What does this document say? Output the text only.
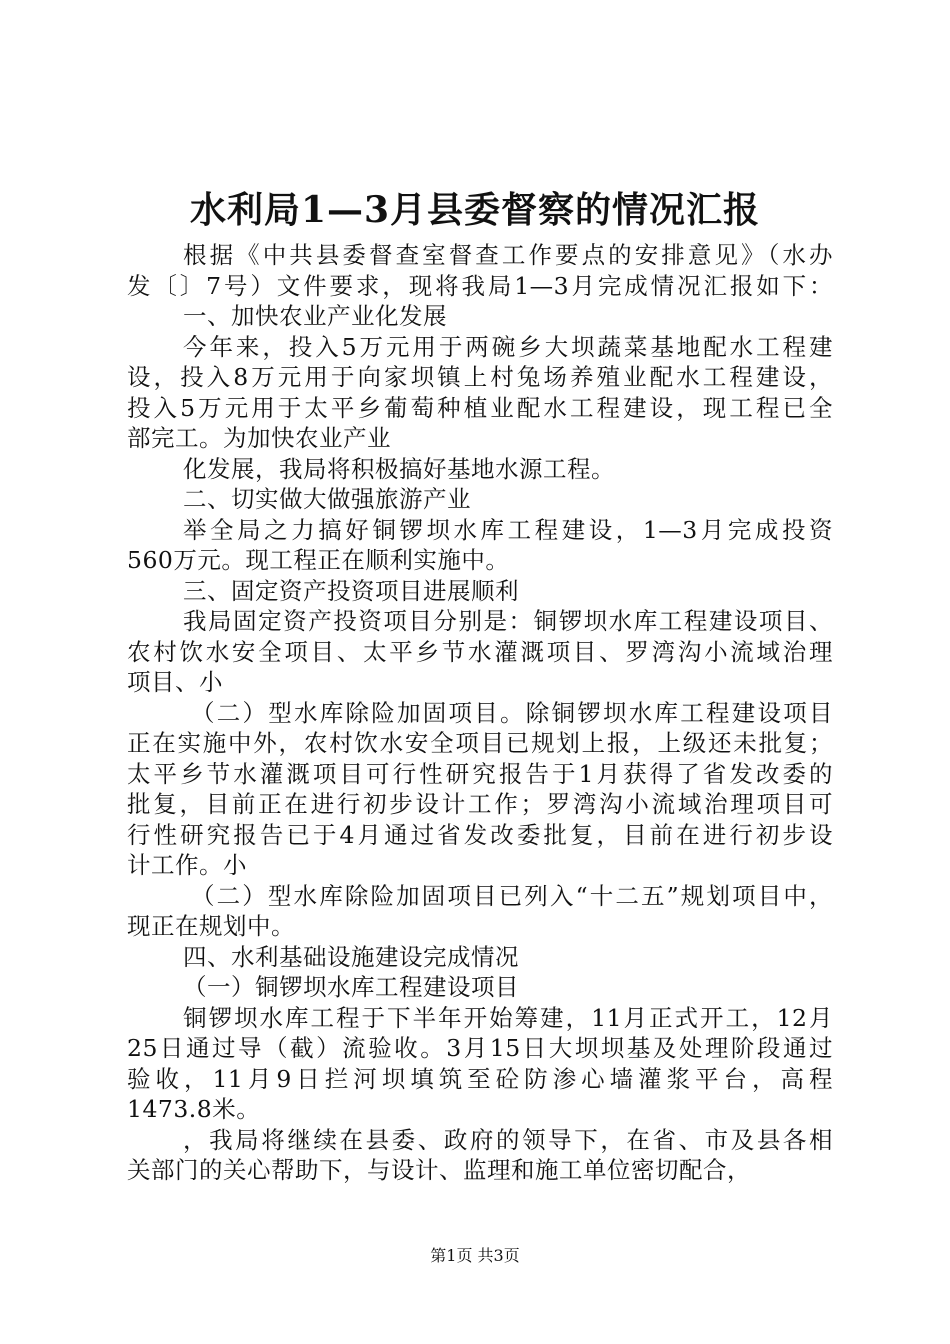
水利局1—3月县委督察的情况汇报
根据《中共县委督查室督查工作要点的安排意见》（水办
发〔〕7号）文件要求，现将我局1—3月完成情况汇报如下：
一、加快农业产业化发展
今年来，投入5万元用于两碗乡大坝蔬菜基地配水工程建
设，投入8万元用于向家坝镇上村兔场养殖业配水工程建设，
投入5万元用于太平乡葡萄种植业配水工程建设，现工程已全
部完工。为加快农业产业
化发展，我局将积极搞好基地水源工程。
二、切实做大做强旅游产业
举全局之力搞好铜锣坝水库工程建设，1—3月完成投资
560万元。现工程正在顺利实施中。
三、固定资产投资项目进展顺利
我局固定资产投资项目分别是：铜锣坝水库工程建设项目、
农村饮水安全项目、太平乡节水灌溉项目、罗湾沟小流域治理
项目、小
（二）型水库除险加固项目。除铜锣坝水库工程建设项目
正在实施中外，农村饮水安全项目已规划上报，上级还未批复；
太平乡节水灌溉项目可行性研究报告于1月获得了省发改委的
批复，目前正在进行初步设计工作；罗湾沟小流域治理项目可
行性研究报告已于4月通过省发改委批复，目前在进行初步设
计工作。小
（二）型水库除险加固项目已列入“十二五”规划项目中，
现正在规划中。
四、水利基础设施建设完成情况
（一）铜锣坝水库工程建设项目
铜锣坝水库工程于下半年开始筹建，11月正式开工，12月
25日通过导（截）流验收。3月15日大坝坝基及处理阶段通过
验收，11月9日拦河坝填筑至砼防渗心墙灌浆平台，高程
1473.8米。
，我局将继续在县委、政府的领导下，在省、市及县各相
关部门的关心帮助下，与设计、监理和施工单位密切配合，
第1页 共3页
